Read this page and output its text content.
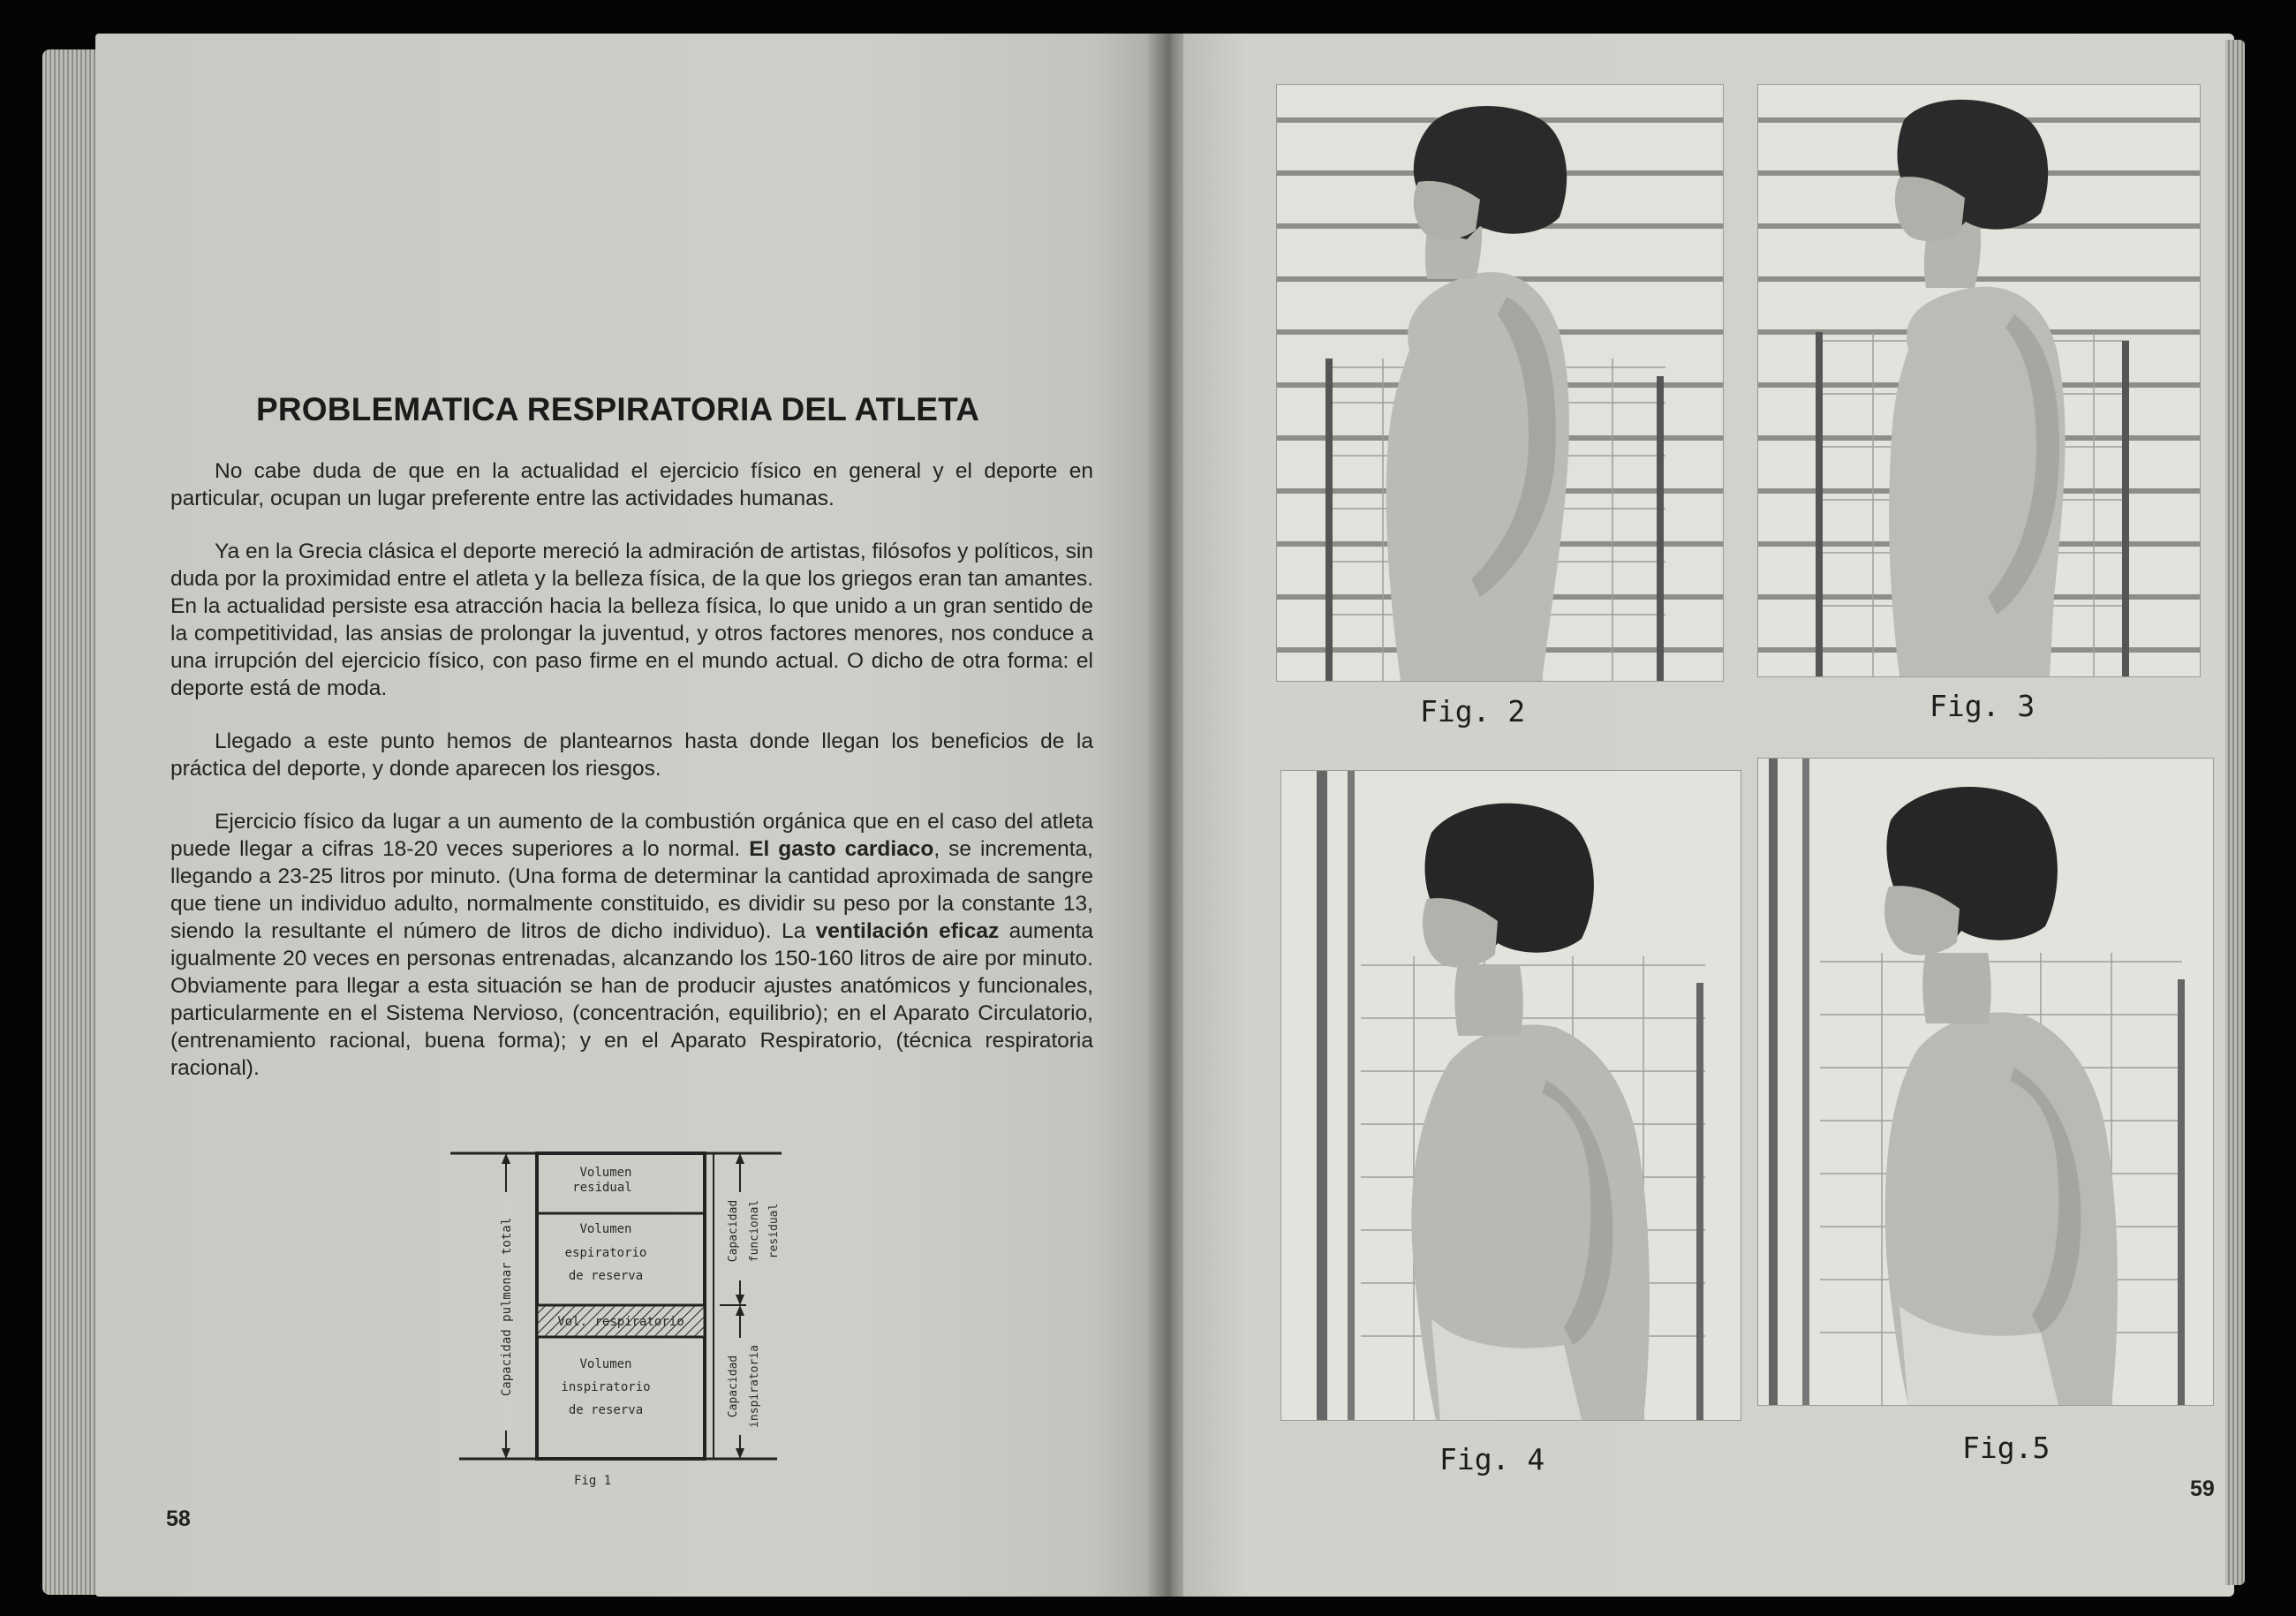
PROBLEMATICA RESPIRATORIA DEL ATLETA

No cabe duda de que en la actualidad el ejercicio físico en general y el deporte en particular, ocupan un lugar preferente entre las actividades humanas.

Ya en la Grecia clásica el deporte mereció la admiración de artistas, filósofos y políticos, sin duda por la proximidad entre el atleta y la belleza física, de la que los griegos eran tan amantes. En la actualidad persiste esa atracción hacia la belleza física, lo que unido a un gran sentido de la competitividad, las ansias de prolongar la juventud, y otros factores menores, nos conduce a una irrupción del ejercicio físico, con paso firme en el mundo actual. O dicho de otra forma: el deporte está de moda.

Llegado a este punto hemos de plantearnos hasta donde llegan los beneficios de la práctica del deporte, y donde aparecen los riesgos.

Ejercicio físico da lugar a un aumento de la combustión orgánica que en el caso del atleta puede llegar a cifras 18-20 veces superiores a lo normal. El gasto cardiaco, se incrementa, llegando a 23-25 litros por minuto. (Una forma de determinar la cantidad aproximada de sangre que tiene un individuo adulto, normalmente constituido, es dividir su peso por la constante 13, siendo la resultante el número de litros de dicho individuo). La ventilación eficaz aumenta igualmente 20 veces en personas entrenadas, alcanzando los 150-160 litros de aire por minuto. Obviamente para llegar a esta situación se han de producir ajustes anatómicos y funcionales, particularmente en el Sistema Nervioso, (concentración, equilibrio); en el Aparato Circulatorio, (entrenamiento racional, buena forma); y en el Aparato Respiratorio, (técnica respiratoria racional).

Volumen
residual
Volumen
espiratorio
de reserva
Vol. respiratorio
Volumen
inspiratorio
de reserva
Capacidad pulmonar total	Capacidad funcional residual
Capacidad inspiratoria
Fig 1
58
Fig. 2	Fig. 3
Fig. 4	Fig.5
59
